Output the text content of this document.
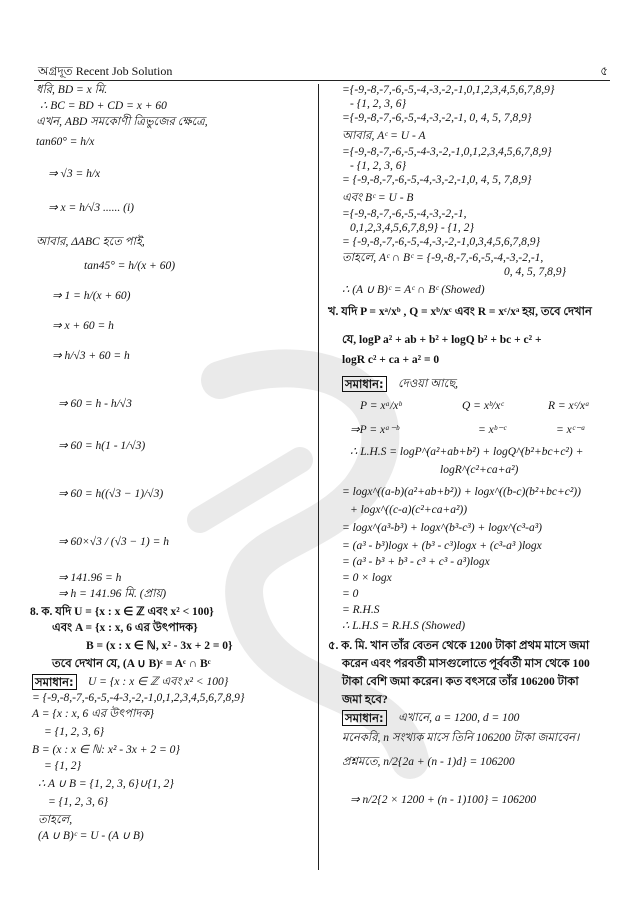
অগ্রদূত Recent Job Solution	৫
ধরি, BD = x মি.
∴ BC = BD + CD = x + 60
এখন, ABD সমকোণী ত্রিভুজের ক্ষেত্রে,
tan60° = h/x
⇒ √3 = h/x
⇒ x = h/√3 ...... (i)
আবার, ΔABC হতে পাই,
tan45° = h/(x + 60)
⇒ 1 = h/(x + 60)
⇒ x + 60 = h
⇒ h/√3 + 60 = h
⇒ 60 = h - h/√3
⇒ 60 = h(1 - 1/√3)
⇒ 60 = h((√3 − 1)/√3)
⇒ 60×√3 / (√3 − 1) = h
⇒ 141.96 = h
⇒ h = 141.96 মি. (প্রায়)
8. ক. যদি U = {x : x ∈ ℤ এবং x² < 100}
এবং A = {x : x, 6 এর উৎপাদক}
B = (x : x ∈ ℕ, x² - 3x + 2 = 0}
তবে দেখান যে, (A ∪ B)ᶜ = Aᶜ ∩ Bᶜ
সমাধান: U = {x : x ∈ ℤ এবং x² < 100}
= {-9,-8,-7,-6,-5,-4-3,-2,-1,0,1,2,3,4,5,6,7,8,9}
A = {x : x, 6 এর উৎপাদক}
= {1, 2, 3, 6}
B = (x : x ∈ ℕ: x² - 3x + 2 = 0}
= {1, 2}
∴ A ∪ B = {1, 2, 3, 6}∪{1, 2}
= {1, 2, 3, 6}
তাহলে,
(A ∪ B)ᶜ = U - (A ∪ B)
={-9,-8,-7,-6,-5,-4,-3,-2,-1,0,1,2,3,4,5,6,7,8,9}
- {1, 2, 3, 6}
={-9,-8,-7,-6,-5,-4,-3,-2,-1, 0, 4, 5, 7,8,9}
আবার, Aᶜ = U - A
={-9,-8,-7,-6,-5,-4-3,-2,-1,0,1,2,3,4,5,6,7,8,9}
- {1, 2, 3, 6}
= {-9,-8,-7,-6,-5,-4,-3,-2,-1,0, 4, 5, 7,8,9}
এবং Bᶜ = U - B
={-9,-8,-7,-6,-5,-4,-3,-2,-1,
0,1,2,3,4,5,6,7,8,9} - {1, 2}
= {-9,-8,-7,-6,-5,-4,-3,-2,-1,0,3,4,5,6,7,8,9}
তাহলে, Aᶜ ∩ Bᶜ = {-9,-8,-7,-6,-5,-4,-3,-2,-1,
0, 4, 5, 7,8,9}
∴ (A ∪ B)ᶜ = Aᶜ ∩ Bᶜ (Showed)
খ. যদি P = xᵃ/xᵇ , Q = xᵇ/xᶜ এবং R = xᶜ/xᵃ হয়, তবে দেখান
যে, logP a² + ab + b² + logQ b² + bc + c² +
logR c² + ca + a² = 0
সমাধান: দেওয়া আছে,
P = xᵃ/xᵇ	Q = xᵇ/xᶜ	R = xᶜ/xᵃ
⇒P = xᵃ⁻ᵇ	= xᵇ⁻ᶜ	= xᶜ⁻ᵃ
∴ L.H.S = logP^(a²+ab+b²) + logQ^(b²+bc+c²) +
logR^(c²+ca+a²)
= logx^((a-b)(a²+ab+b²)) + logx^((b-c)(b²+bc+c²))
+ logx^((c-a)(c²+ca+a²))
= logx^(a³-b³) + logx^(b³-c³) + logx^(c³-a³)
= (a³ - b³)logx + (b³ - c³)logx + (c³-a³ )logx
= (a³ - b³ + b³ - c³ + c³ - a³)logx
= 0 × logx
= 0
= R.H.S
∴ L.H.S = R.H.S (Showed)
৫. ক. মি. খান তাঁর বেতন থেকে 1200 টাকা প্রথম মাসে জমা
করেন এবং পরবর্তী মাসগুলোতে পূর্ববর্তী মাস থেকে 100
টাকা বেশি জমা করেন। কত বৎসরে তাঁর 106200 টাকা
জমা হবে?
সমাধান: এখানে, a = 1200, d = 100
মনেকরি, n সংখ্যক মাসে তিনি 106200 টাকা জমাবেন।
প্রশ্নমতে, n/2{2a + (n - 1)d} = 106200
⇒ n/2{2 × 1200 + (n - 1)100} = 106200
